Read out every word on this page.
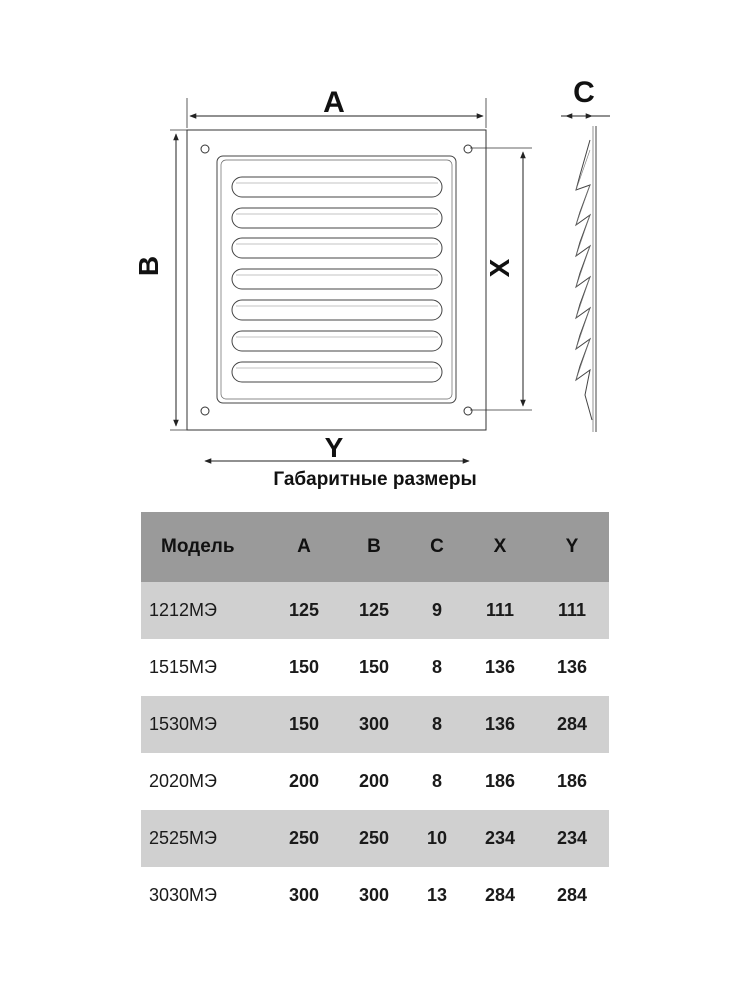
A
B	X
Y
C
Габаритные размеры
Модель	A	B	C	X	Y
1212МЭ	125	125	9	111	111
1515МЭ	150	150	8	136	136
1530МЭ	150	300	8	136	284
2020МЭ	200	200	8	186	186
2525МЭ	250	250	10	234	234
3030МЭ	300	300	13	284	284
